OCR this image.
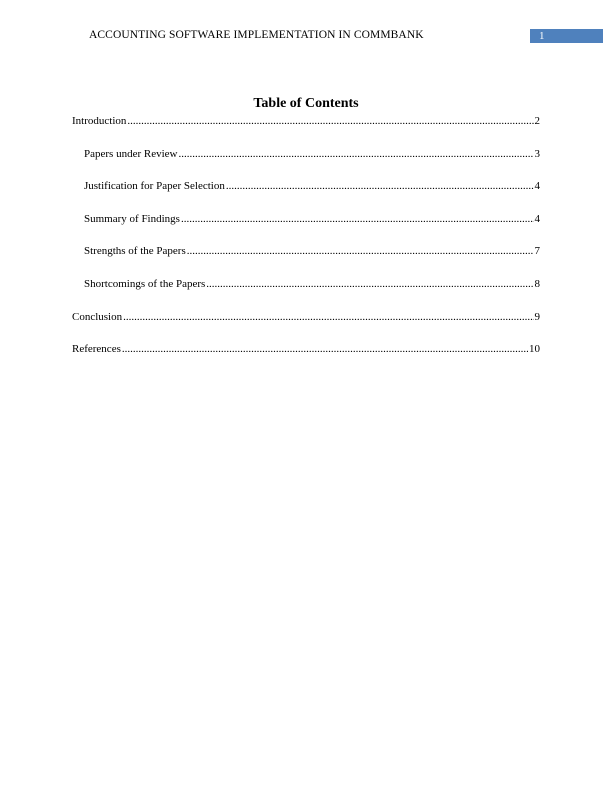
ACCOUNTING SOFTWARE IMPLEMENTATION IN COMMBANK	1
Table of Contents
Introduction .....	2
Papers under Review .....	3
Justification for Paper Selection .....	4
Summary of Findings .....	4
Strengths of the Papers .....	7
Shortcomings of the Papers .....	8
Conclusion .....	9
References .....	10
